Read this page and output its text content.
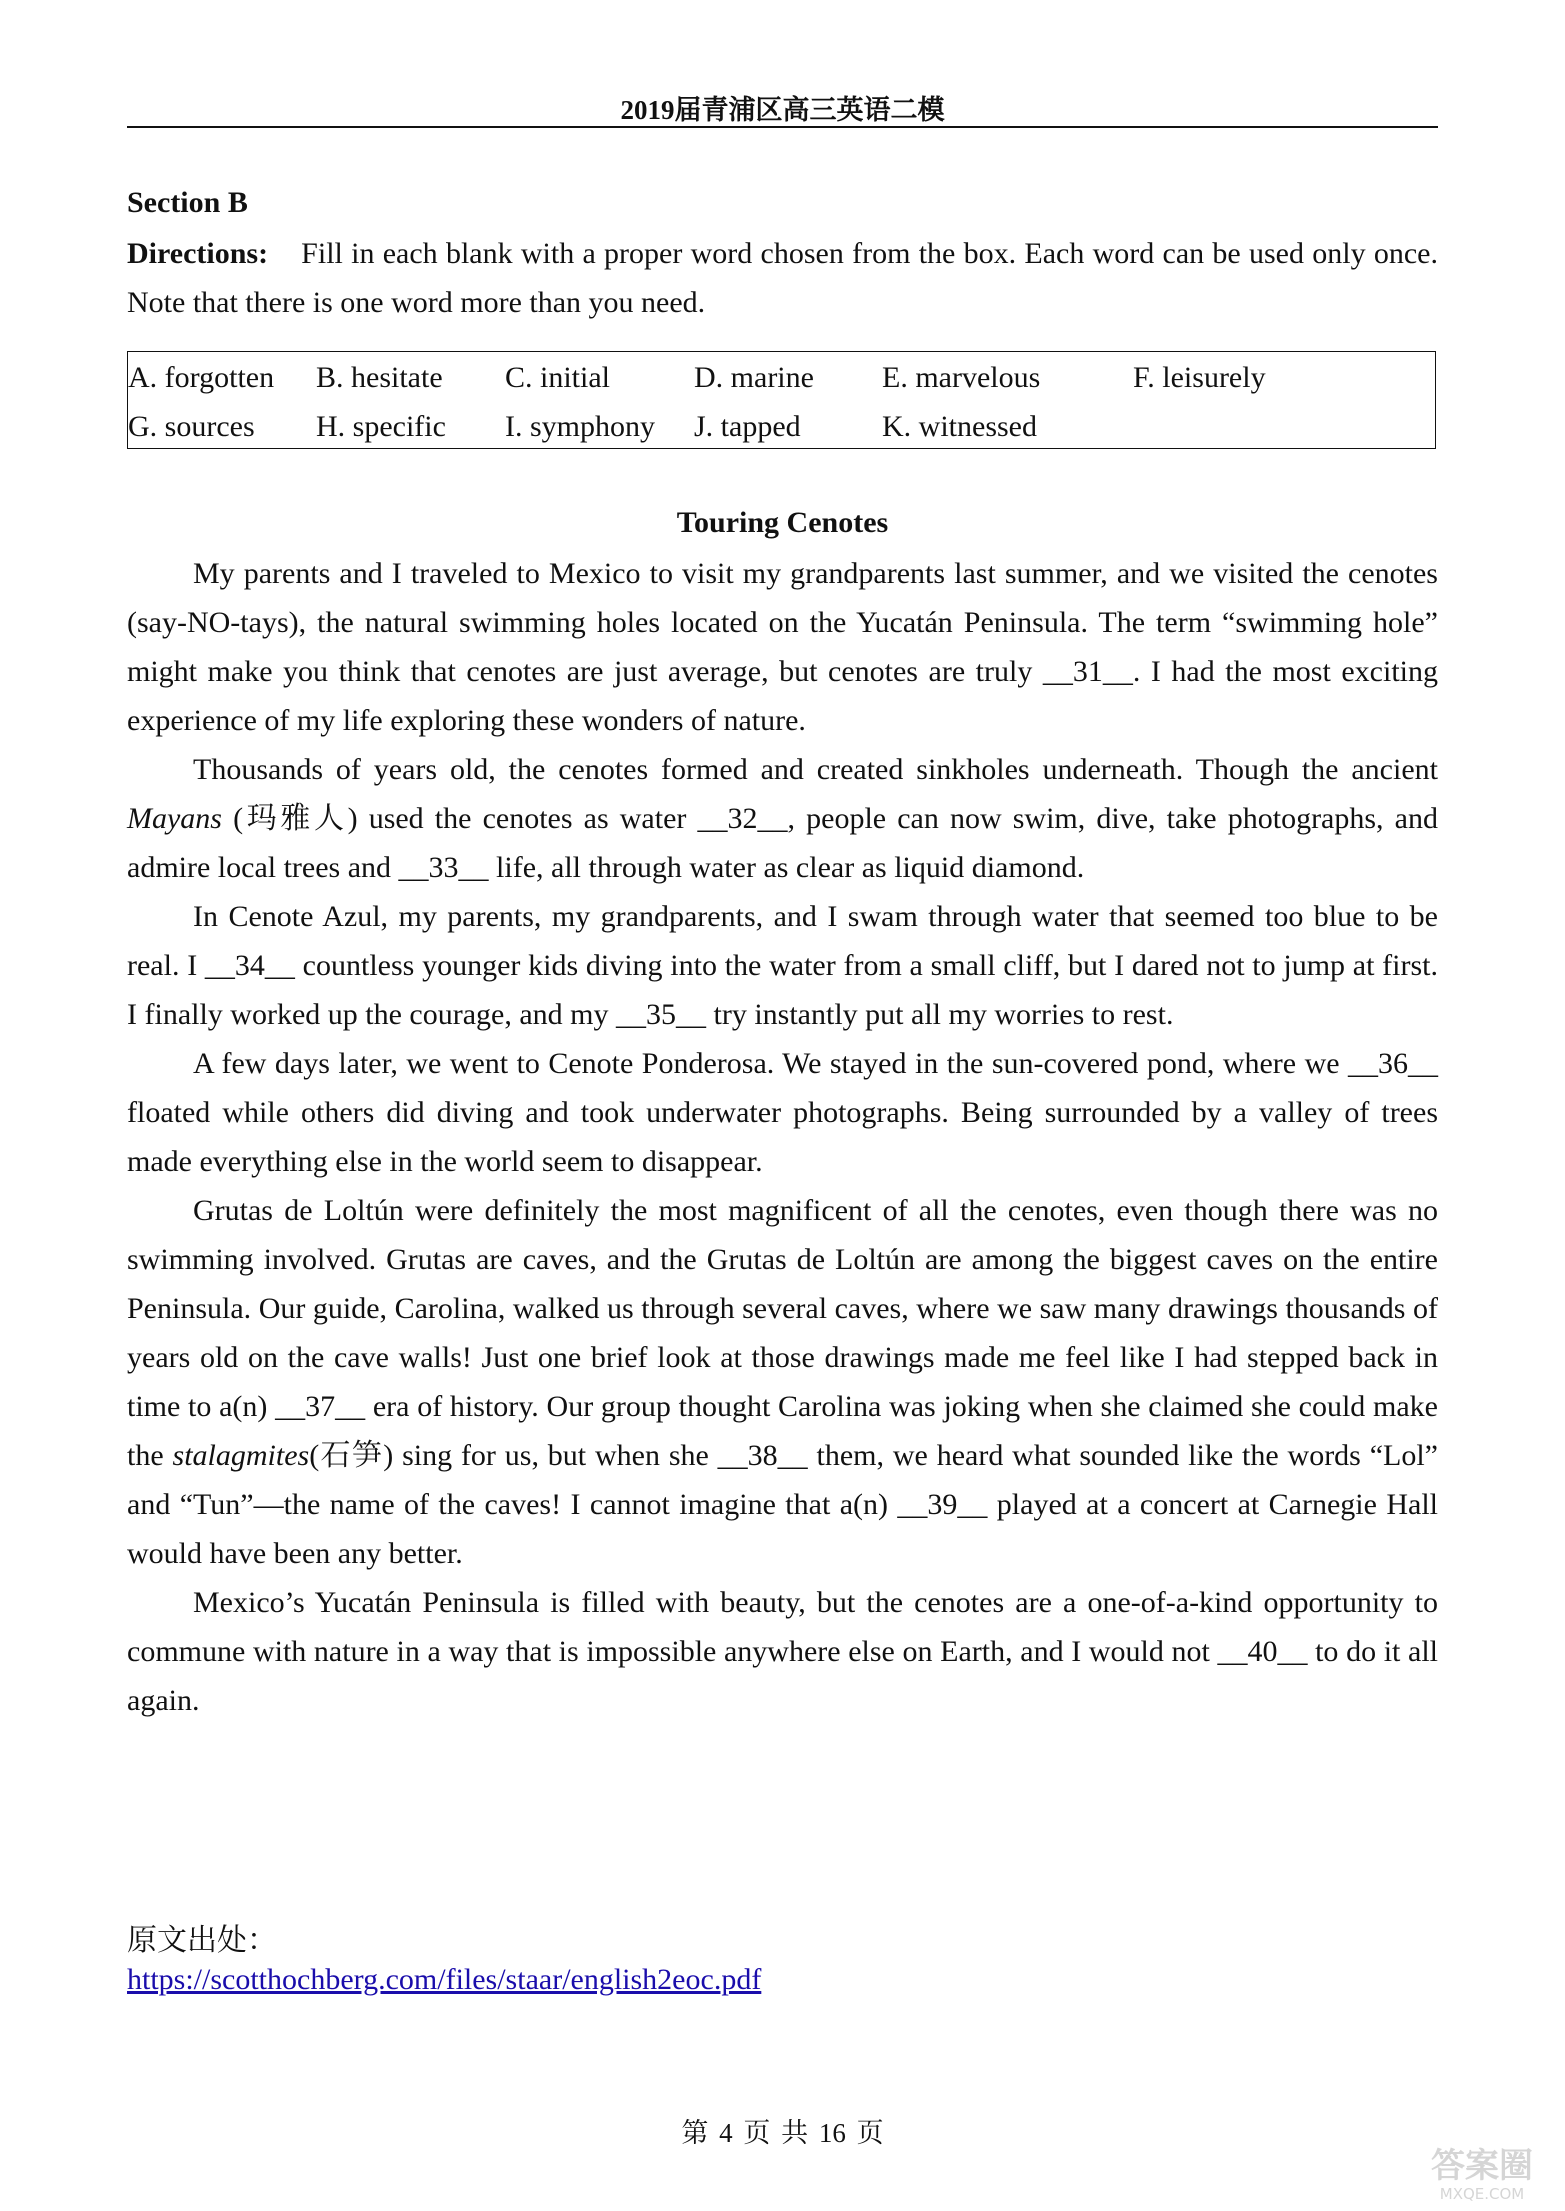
2019届青浦区高三英语二模
Section B
Directions: Fill in each blank with a proper word chosen from the box. Each word can be used only once. Note that there is one word more than you need.
A. forgotten B. hesitate C. initial	D. marine E. marvelous	F. leisurely
G. sources H. specific I. symphony J. tapped	K. witnessed
Touring Cenotes

My parents and I traveled to Mexico to visit my grandparents last summer, and we visited the cenotes (say-NO-tays), the natural swimming holes located on the Yucatán Peninsula. The term “swimming hole” might make you think that cenotes are just average, but cenotes are truly __31__. I had the most exciting experience of my life exploring these wonders of nature.

Thousands of years old, the cenotes formed and created sinkholes underneath. Though the ancient Mayans (玛雅人) used the cenotes as water __32__, people can now swim, dive, take photographs, and admire local trees and __33__ life, all through water as clear as liquid diamond.

In Cenote Azul, my parents, my grandparents, and I swam through water that seemed too blue to be real. I __34__ countless younger kids diving into the water from a small cliff, but I dared not to jump at first. I finally worked up the courage, and my __35__ try instantly put all my worries to rest.

A few days later, we went to Cenote Ponderosa. We stayed in the sun-covered pond, where we __36__ floated while others did diving and took underwater photographs. Being surrounded by a valley of trees made everything else in the world seem to disappear.

Grutas de Loltún were definitely the most magnificent of all the cenotes, even though there was no swimming involved. Grutas are caves, and the Grutas de Loltún are among the biggest caves on the entire Peninsula. Our guide, Carolina, walked us through several caves, where we saw many drawings thousands of years old on the cave walls! Just one brief look at those drawings made me feel like I had stepped back in time to a(n) __37__ era of history. Our group thought Carolina was joking when she claimed she could make the stalagmites(石笋) sing for us, but when she __38__ them, we heard what sounded like the words “Lol” and “Tun”—the name of the caves! I cannot imagine that a(n) __39__ played at a concert at Carnegie Hall would have been any better.

Mexico’s Yucatán Peninsula is filled with beauty, but the cenotes are a one-of-a-kind opportunity to commune with nature in a way that is impossible anywhere else on Earth, and I would not __40__ to do it all again.

原文出处：
https://scotthochberg.com/files/staar/english2eoc.pdf
第 4 页 共 16 页
答案圈
MXQE.COM
